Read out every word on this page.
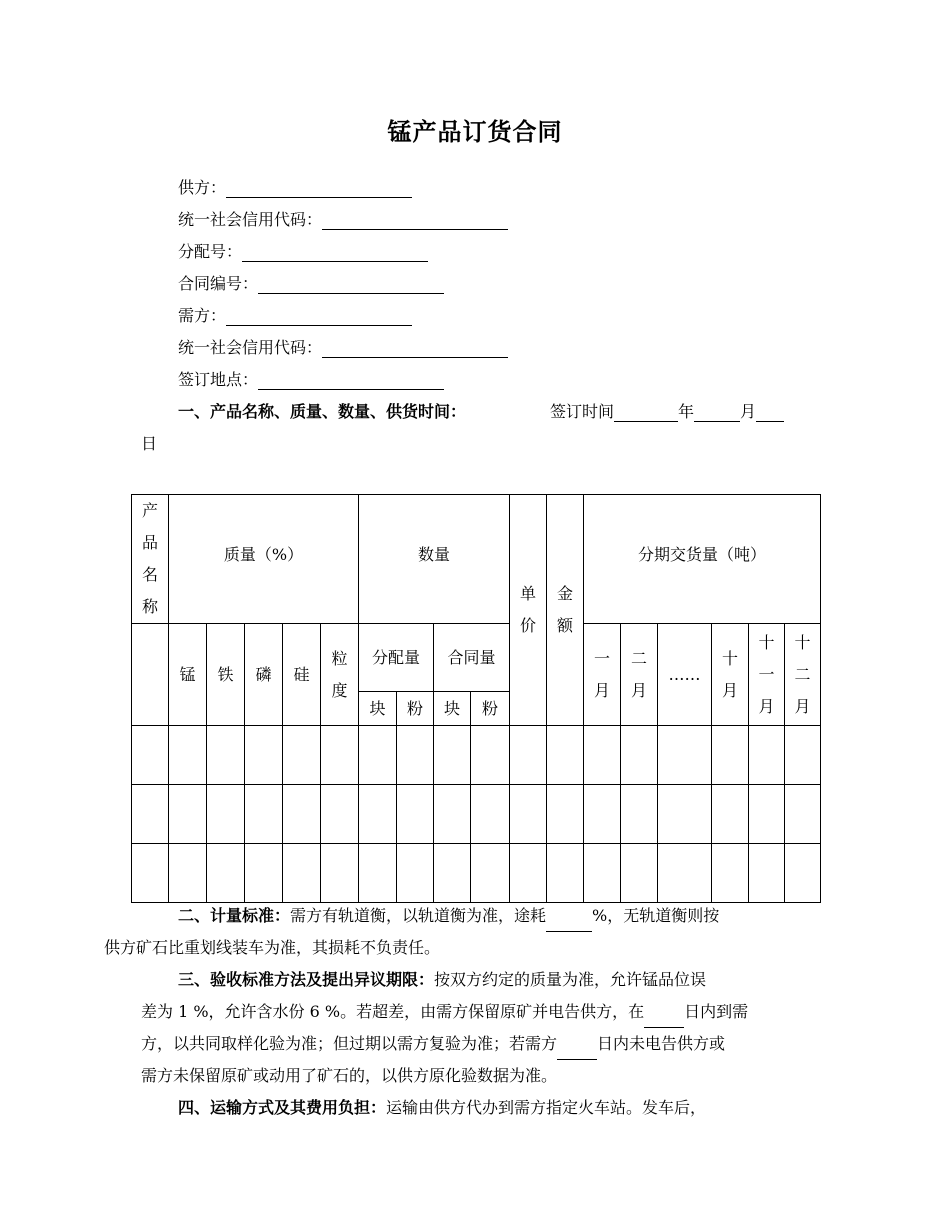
锰产品订货合同
供方：
统一社会信用代码：
分配号：
合同编号：
需方：
统一社会信用代码：
签订地点：
一、产品名称、质量、数量、供货时间：	签订时间	年	月
日
产品名称	质量（%）					数量				单价	金额	分期交货量（吨）					
	锰	铁	磷	硅	粒度	分配量		合同量				一月	二月	……	十月	十一月	十二月
						块	粉	块	粉								

二、计量标准：需方有轨道衡，以轨道衡为准，途耗	%，无轨道衡则按
供方矿石比重划线装车为准，其损耗不负责任。
三、验收标准方法及提出异议期限：按双方约定的质量为准，允许锰品位误
差为 1 %，允许含水份 6 %。若超差，由需方保留原矿并电告供方，在	日内到需
方，以共同取样化验为准；但过期以需方复验为准；若需方	日内未电告供方或
需方未保留原矿或动用了矿石的，以供方原化验数据为准。
四、运输方式及其费用负担：运输由供方代办到需方指定火车站。发车后，
